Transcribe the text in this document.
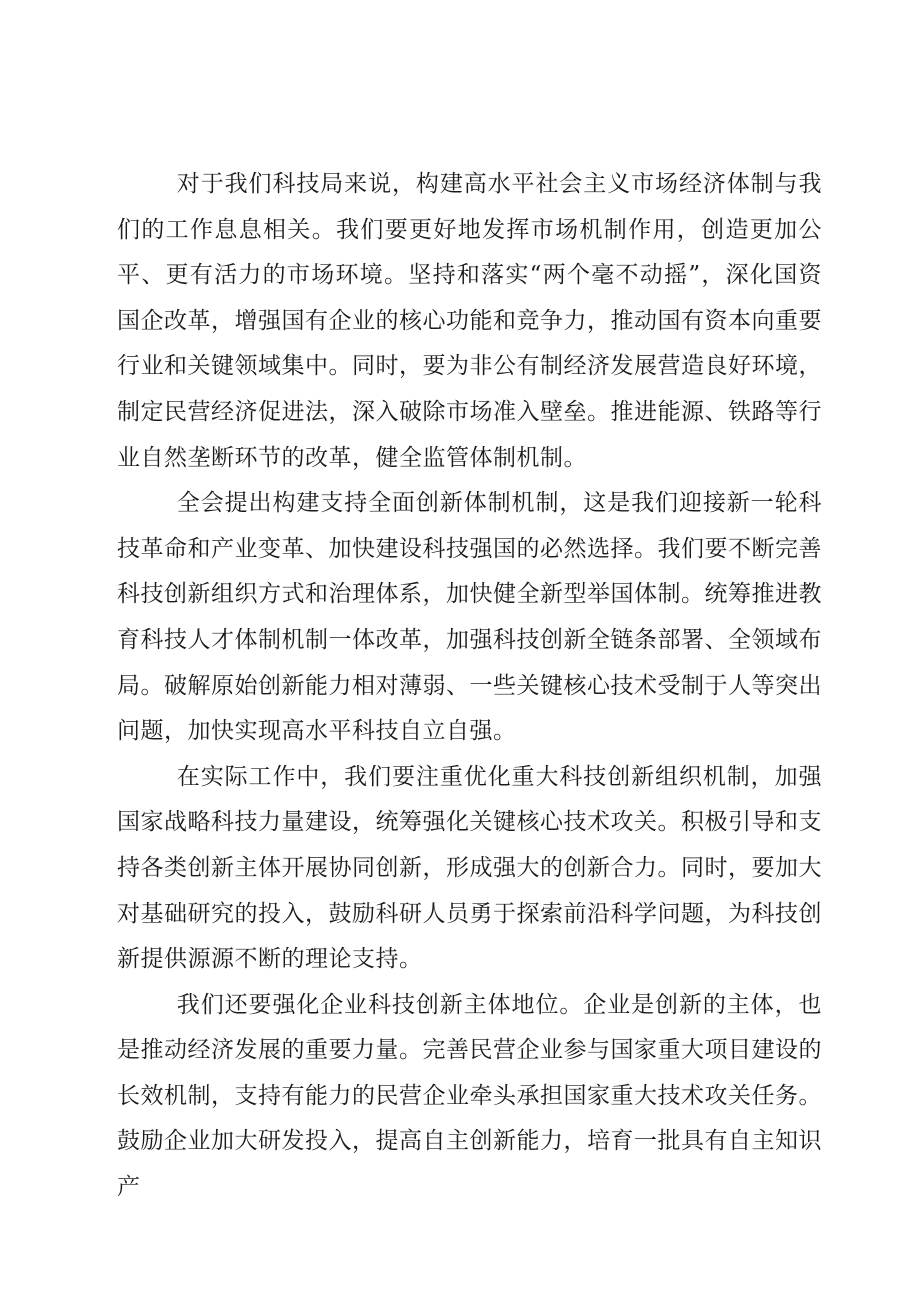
对于我们科技局来说，构建高水平社会主义市场经济体制与我们的工作息息相关。我们要更好地发挥市场机制作用，创造更加公平、更有活力的市场环境。坚持和落实“两个毫不动摇”，深化国资国企改革，增强国有企业的核心功能和竞争力，推动国有资本向重要行业和关键领域集中。同时，要为非公有制经济发展营造良好环境，制定民营经济促进法，深入破除市场准入壁垒。推进能源、铁路等行业自然垄断环节的改革，健全监管体制机制。

全会提出构建支持全面创新体制机制，这是我们迎接新一轮科技革命和产业变革、加快建设科技强国的必然选择。我们要不断完善科技创新组织方式和治理体系，加快健全新型举国体制。统筹推进教育科技人才体制机制一体改革，加强科技创新全链条部署、全领域布局。破解原始创新能力相对薄弱、一些关键核心技术受制于人等突出问题，加快实现高水平科技自立自强。

在实际工作中，我们要注重优化重大科技创新组织机制，加强国家战略科技力量建设，统筹强化关键核心技术攻关。积极引导和支持各类创新主体开展协同创新，形成强大的创新合力。同时，要加大对基础研究的投入，鼓励科研人员勇于探索前沿科学问题，为科技创新提供源源不断的理论支持。

我们还要强化企业科技创新主体地位。企业是创新的主体，也是推动经济发展的重要力量。完善民营企业参与国家重大项目建设的长效机制，支持有能力的民营企业牵头承担国家重大技术攻关任务。鼓励企业加大研发投入，提高自主创新能力，培育一批具有自主知识产
